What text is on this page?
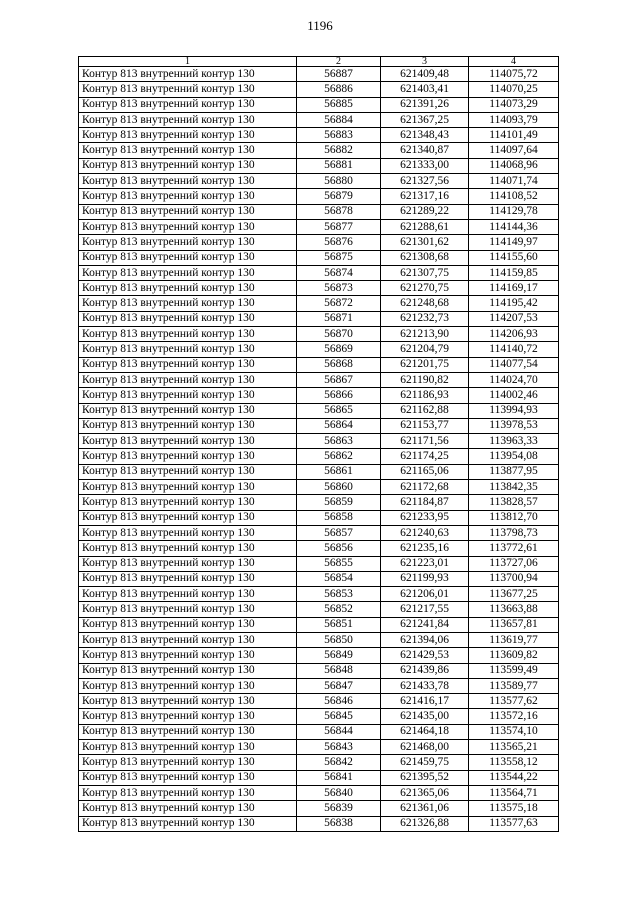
1196
1	2	3	4
Контур 813 внутренний контур 130	56887	621409,48	114075,72
Контур 813 внутренний контур 130	56886	621403,41	114070,25
Контур 813 внутренний контур 130	56885	621391,26	114073,29
Контур 813 внутренний контур 130	56884	621367,25	114093,79
Контур 813 внутренний контур 130	56883	621348,43	114101,49
Контур 813 внутренний контур 130	56882	621340,87	114097,64
Контур 813 внутренний контур 130	56881	621333,00	114068,96
Контур 813 внутренний контур 130	56880	621327,56	114071,74
Контур 813 внутренний контур 130	56879	621317,16	114108,52
Контур 813 внутренний контур 130	56878	621289,22	114129,78
Контур 813 внутренний контур 130	56877	621288,61	114144,36
Контур 813 внутренний контур 130	56876	621301,62	114149,97
Контур 813 внутренний контур 130	56875	621308,68	114155,60
Контур 813 внутренний контур 130	56874	621307,75	114159,85
Контур 813 внутренний контур 130	56873	621270,75	114169,17
Контур 813 внутренний контур 130	56872	621248,68	114195,42
Контур 813 внутренний контур 130	56871	621232,73	114207,53
Контур 813 внутренний контур 130	56870	621213,90	114206,93
Контур 813 внутренний контур 130	56869	621204,79	114140,72
Контур 813 внутренний контур 130	56868	621201,75	114077,54
Контур 813 внутренний контур 130	56867	621190,82	114024,70
Контур 813 внутренний контур 130	56866	621186,93	114002,46
Контур 813 внутренний контур 130	56865	621162,88	113994,93
Контур 813 внутренний контур 130	56864	621153,77	113978,53
Контур 813 внутренний контур 130	56863	621171,56	113963,33
Контур 813 внутренний контур 130	56862	621174,25	113954,08
Контур 813 внутренний контур 130	56861	621165,06	113877,95
Контур 813 внутренний контур 130	56860	621172,68	113842,35
Контур 813 внутренний контур 130	56859	621184,87	113828,57
Контур 813 внутренний контур 130	56858	621233,95	113812,70
Контур 813 внутренний контур 130	56857	621240,63	113798,73
Контур 813 внутренний контур 130	56856	621235,16	113772,61
Контур 813 внутренний контур 130	56855	621223,01	113727,06
Контур 813 внутренний контур 130	56854	621199,93	113700,94
Контур 813 внутренний контур 130	56853	621206,01	113677,25
Контур 813 внутренний контур 130	56852	621217,55	113663,88
Контур 813 внутренний контур 130	56851	621241,84	113657,81
Контур 813 внутренний контур 130	56850	621394,06	113619,77
Контур 813 внутренний контур 130	56849	621429,53	113609,82
Контур 813 внутренний контур 130	56848	621439,86	113599,49
Контур 813 внутренний контур 130	56847	621433,78	113589,77
Контур 813 внутренний контур 130	56846	621416,17	113577,62
Контур 813 внутренний контур 130	56845	621435,00	113572,16
Контур 813 внутренний контур 130	56844	621464,18	113574,10
Контур 813 внутренний контур 130	56843	621468,00	113565,21
Контур 813 внутренний контур 130	56842	621459,75	113558,12
Контур 813 внутренний контур 130	56841	621395,52	113544,22
Контур 813 внутренний контур 130	56840	621365,06	113564,71
Контур 813 внутренний контур 130	56839	621361,06	113575,18
Контур 813 внутренний контур 130	56838	621326,88	113577,63
